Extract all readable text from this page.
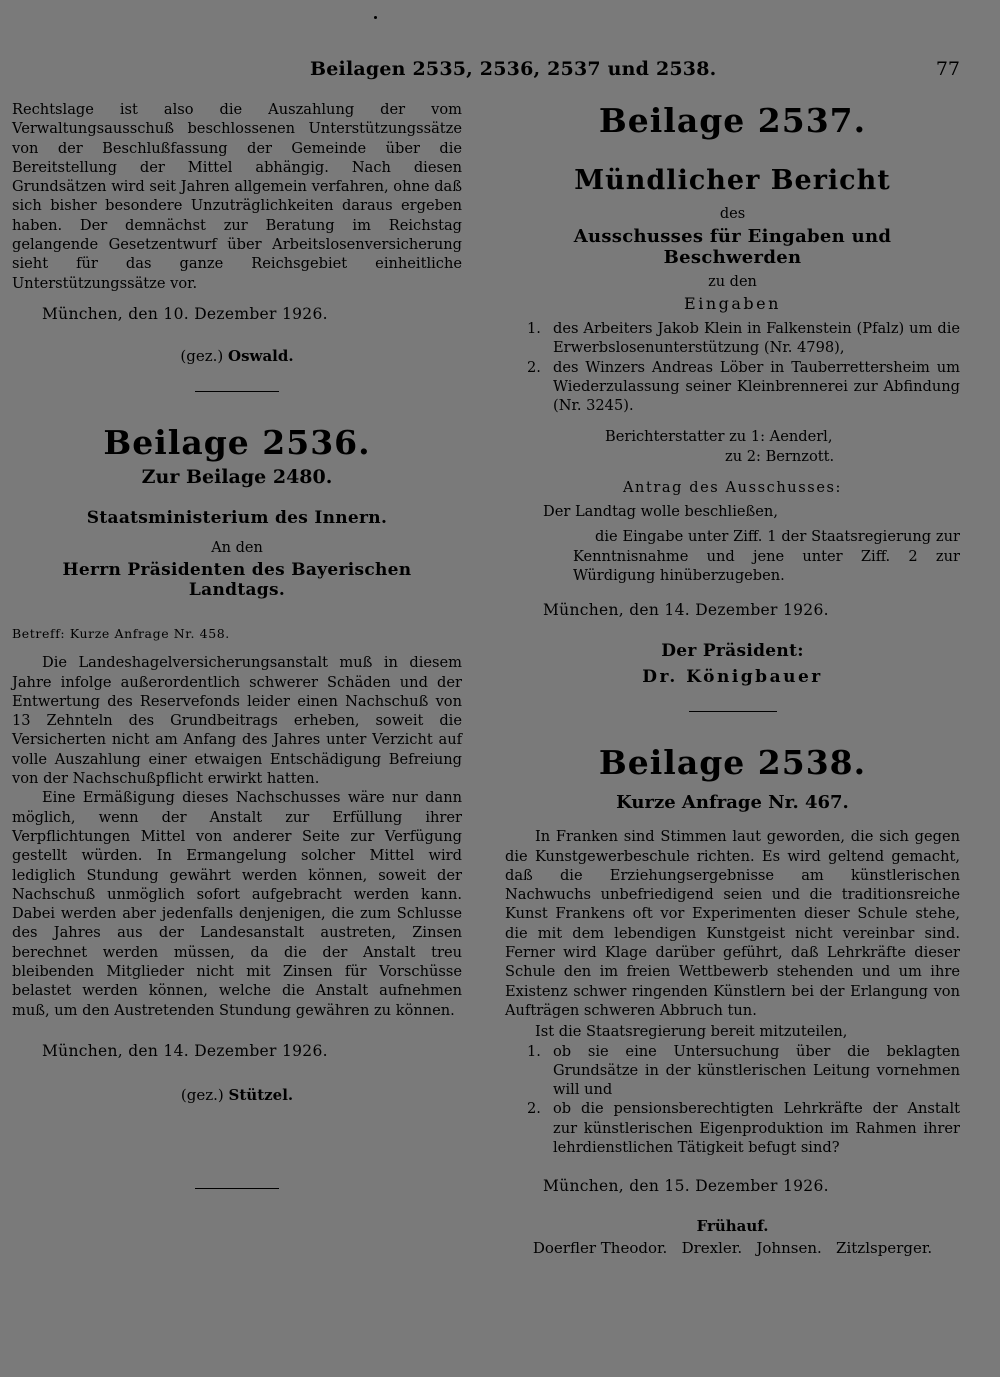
Beilagen 2535, 2536, 2537 und 2538.	77

Rechtslage ist also die Auszahlung der vom Verwaltungsausschuß beschlossenen Unterstützungssätze von der Beschlußfassung der Gemeinde über die Bereitstellung der Mittel abhängig. Nach diesen Grundsätzen wird seit Jahren allgemein verfahren, ohne daß sich bisher besondere Unzuträglichkeiten daraus ergeben haben. Der demnächst zur Beratung im Reichstag gelangende Gesetzentwurf über Arbeitslosenversicherung sieht für das ganze Reichsgebiet einheitliche Unterstützungssätze vor.

München, den 10. Dezember 1926.

(gez.) Oswald.

Beilage 2536.
Zur Beilage 2480.
Staatsministerium des Innern.
An den
Herrn Präsidenten des Bayerischen Landtags.

Betreff: Kurze Anfrage Nr. 458.

Die Landeshagelversicherungsanstalt muß in diesem Jahre infolge außerordentlich schwerer Schäden und der Entwertung des Reservefonds leider einen Nachschuß von 13 Zehnteln des Grundbeitrags erheben, soweit die Versicherten nicht am Anfang des Jahres unter Verzicht auf volle Auszahlung einer etwaigen Entschädigung Befreiung von der Nachschußpflicht erwirkt hatten.

Eine Ermäßigung dieses Nachschusses wäre nur dann möglich, wenn der Anstalt zur Erfüllung ihrer Verpflichtungen Mittel von anderer Seite zur Verfügung gestellt würden. In Ermangelung solcher Mittel wird lediglich Stundung gewährt werden können, soweit der Nachschuß unmöglich sofort aufgebracht werden kann. Dabei werden aber jedenfalls denjenigen, die zum Schlusse des Jahres aus der Landesanstalt austreten, Zinsen berechnet werden müssen, da die der Anstalt treu bleibenden Mitglieder nicht mit Zinsen für Vorschüsse belastet werden können, welche die Anstalt aufnehmen muß, um den Austretenden Stundung gewähren zu können.

München, den 14. Dezember 1926.

(gez.) Stützel.

Beilage 2537.
Mündlicher Bericht
des
Ausschusses für Eingaben und Beschwerden
zu den
Eingaben
1. des Arbeiters Jakob Klein in Falkenstein (Pfalz) um die Erwerbslosenunterstützung (Nr. 4798),
2. des Winzers Andreas Löber in Tauberrettersheim um Wiederzulassung seiner Kleinbrennerei zur Abfindung (Nr. 3245).

Berichterstatter zu 1: Aenderl,

zu 2: Bernzott.

Antrag des Ausschusses:

Der Landtag wolle beschließen,

die Eingabe unter Ziff. 1 der Staatsregierung zur Kenntnisnahme und jene unter Ziff. 2 zur Würdigung hinüberzugeben.

München, den 14. Dezember 1926.

Der Präsident:
Dr. Königbauer
Beilage 2538.
Kurze Anfrage Nr. 467.

In Franken sind Stimmen laut geworden, die sich gegen die Kunstgewerbeschule richten. Es wird geltend gemacht, daß die Erziehungsergebnisse am künstlerischen Nachwuchs unbefriedigend seien und die traditionsreiche Kunst Frankens oft vor Experimenten dieser Schule stehe, die mit dem lebendigen Kunstgeist nicht vereinbar sind. Ferner wird Klage darüber geführt, daß Lehrkräfte dieser Schule den im freien Wettbewerb stehenden und um ihre Existenz schwer ringenden Künstlern bei der Erlangung von Aufträgen schweren Abbruch tun.

Ist die Staatsregierung bereit mitzuteilen,

1. ob sie eine Untersuchung über die beklagten Grundsätze in der künstlerischen Leitung vornehmen will und
2. ob die pensionsberechtigten Lehrkräfte der Anstalt zur künstlerischen Eigenproduktion im Rahmen ihrer lehrdienstlichen Tätigkeit befugt sind?

München, den 15. Dezember 1926.

Frühauf.
Doerfler Theodor.   Drexler.   Johnsen.   Zitzlsperger.
